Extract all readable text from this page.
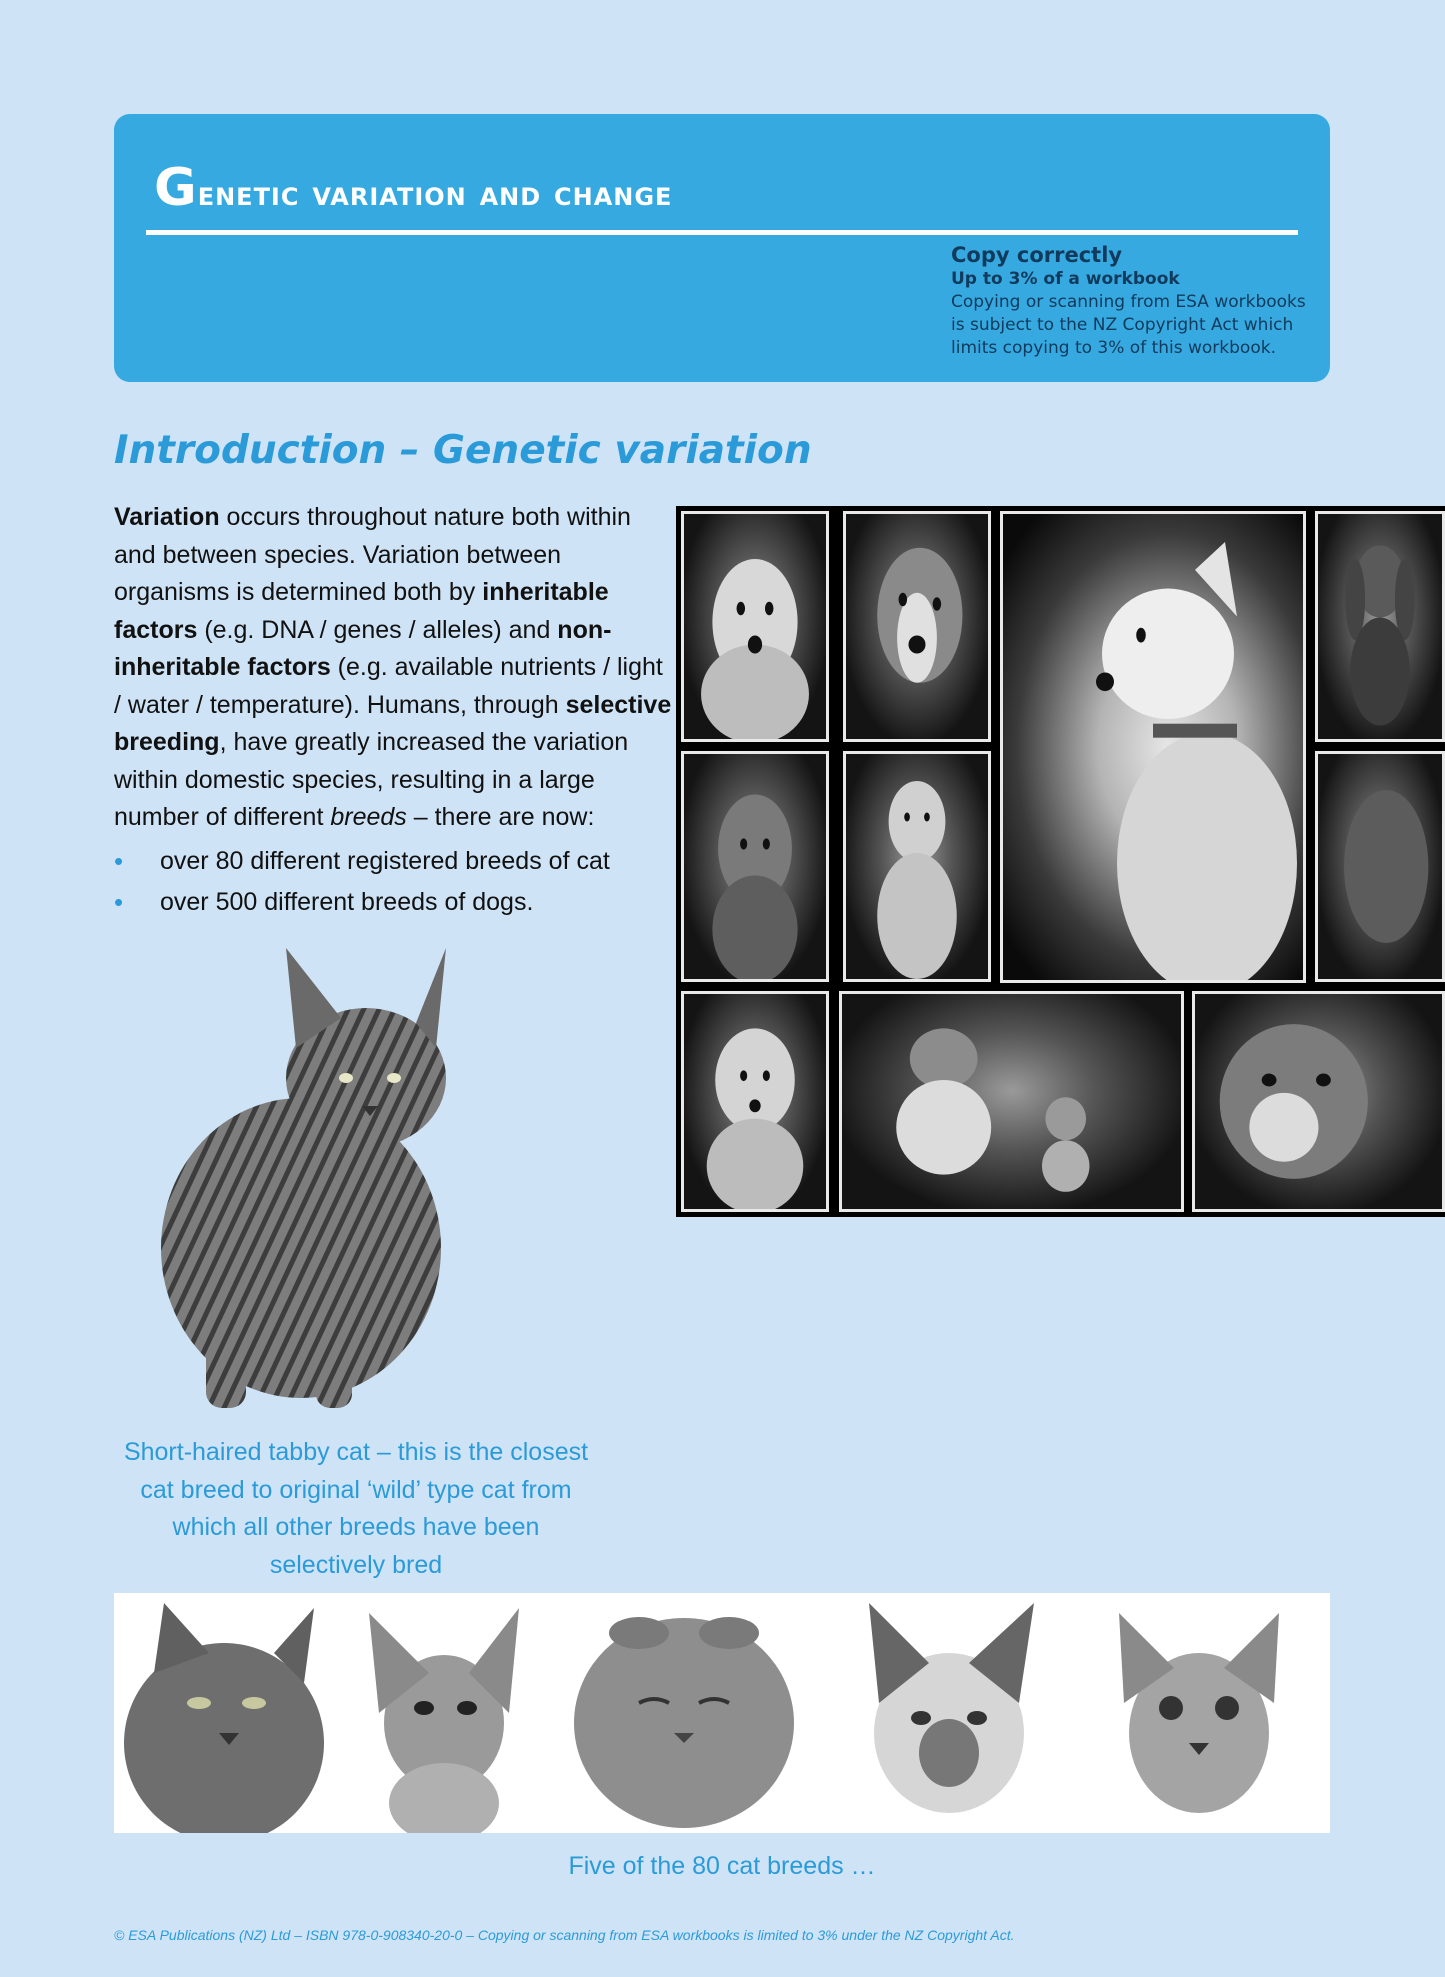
Genetic variation and change
Copy correctly
Up to 3% of a workbook
Copying or scanning from ESA workbooks
is subject to the NZ Copyright Act which
limits copying to 3% of this workbook.
Introduction – Genetic variation

Variation occurs throughout nature both within and between species. Variation between organisms is determined both by inheritable factors (e.g. DNA / genes / alleles) and non-inheritable factors (e.g. available nutrients / light / water / temperature). Humans, through selective breeding, have greatly increased the variation within domestic species, resulting in a large number of different breeds – there are now:

• over 80 different registered breeds of cat
• over 500 different breeds of dogs.

Short-haired tabby cat – this is the closest cat breed to original ‘wild’ type cat from which all other breeds have been selectively bred

Five of the 80 cat breeds …

© ESA Publications (NZ) Ltd – ISBN 978-0-908340-20-0 – Copying or scanning from ESA workbooks is limited to 3% under the NZ Copyright Act.
